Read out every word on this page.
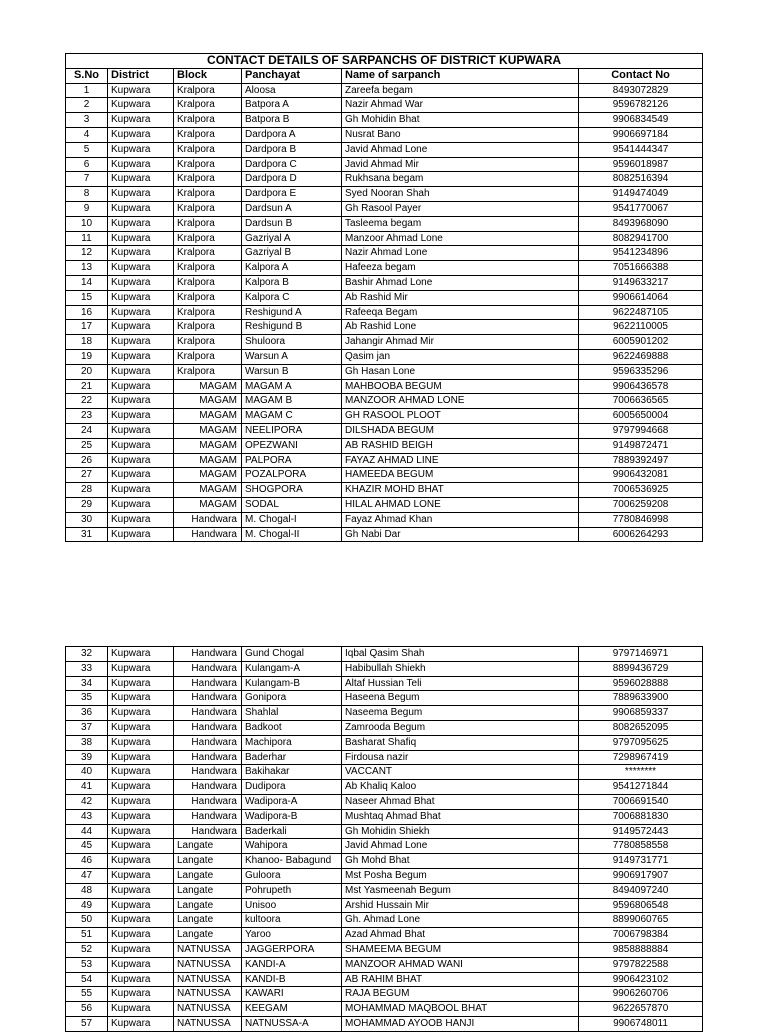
CONTACT DETAILS OF SARPANCHS OF DISTRICT KUPWARA					
S.No	District	Block	Panchayat	Name of sarpanch	Contact No
1	Kupwara	Kralpora	Aloosa	Zareefa begam	8493072829
2	Kupwara	Kralpora	Batpora A	Nazir Ahmad War	9596782126
3	Kupwara	Kralpora	Batpora B	Gh Mohidin Bhat	9906834549
4	Kupwara	Kralpora	Dardpora A	Nusrat Bano	9906697184
5	Kupwara	Kralpora	Dardpora B	Javid Ahmad Lone	9541444347
6	Kupwara	Kralpora	Dardpora C	Javid Ahmad Mir	9596018987
7	Kupwara	Kralpora	Dardpora D	Rukhsana begam	8082516394
8	Kupwara	Kralpora	Dardpora E	Syed Nooran Shah	9149474049
9	Kupwara	Kralpora	Dardsun A	Gh Rasool Payer	9541770067
10	Kupwara	Kralpora	Dardsun B	Tasleema begam	8493968090
11	Kupwara	Kralpora	Gazriyal A	Manzoor Ahmad Lone	8082941700
12	Kupwara	Kralpora	Gazriyal B	Nazir Ahmad Lone	9541234896
13	Kupwara	Kralpora	Kalpora A	Hafeeza begam	7051666388
14	Kupwara	Kralpora	Kalpora B	Bashir Ahmad Lone	9149633217
15	Kupwara	Kralpora	Kalpora C	Ab Rashid Mir	9906614064
16	Kupwara	Kralpora	Reshigund A	Rafeeqa Begam	9622487105
17	Kupwara	Kralpora	Reshigund B	Ab Rashid Lone	9622110005
18	Kupwara	Kralpora	Shuloora	Jahangir Ahmad Mir	6005901202
19	Kupwara	Kralpora	Warsun A	Qasim jan	9622469888
20	Kupwara	Kralpora	Warsun B	Gh Hasan Lone	9596335296
21	Kupwara	MAGAM	MAGAM A	MAHBOOBA BEGUM	9906436578
22	Kupwara	MAGAM	MAGAM B	MANZOOR AHMAD LONE	7006636565
23	Kupwara	MAGAM	MAGAM C	GH RASOOL PLOOT	6005650004
24	Kupwara	MAGAM	NEELIPORA	DILSHADA BEGUM	9797994668
25	Kupwara	MAGAM	OPEZWANI	AB RASHID BEIGH	9149872471
26	Kupwara	MAGAM	PALPORA	FAYAZ AHMAD LINE	7889392497
27	Kupwara	MAGAM	POZALPORA	HAMEEDA BEGUM	9906432081
28	Kupwara	MAGAM	SHOGPORA	KHAZIR MOHD BHAT	7006536925
29	Kupwara	MAGAM	SODAL	HILAL AHMAD LONE	7006259208
30	Kupwara	Handwara	M. Chogal-I	Fayaz Ahmad Khan	7780846998
31	Kupwara	Handwara	M. Chogal-II	Gh Nabi Dar	6006264293
32	Kupwara	Handwara	Gund Chogal	Iqbal Qasim Shah	9797146971
33	Kupwara	Handwara	Kulangam-A	Habibullah Shiekh	8899436729
34	Kupwara	Handwara	Kulangam-B	Altaf Hussian Teli	9596028888
35	Kupwara	Handwara	Gonipora	Haseena Begum	7889633900
36	Kupwara	Handwara	Shahlal	Naseema Begum	9906859337
37	Kupwara	Handwara	Badkoot	Zamrooda Begum	8082652095
38	Kupwara	Handwara	Machipora	Basharat Shafiq	9797095625
39	Kupwara	Handwara	Baderhar	Firdousa nazir	7298967419
40	Kupwara	Handwara	Bakihakar	VACCANT	********
41	Kupwara	Handwara	Dudipora	Ab Khaliq Kaloo	9541271844
42	Kupwara	Handwara	Wadipora-A	Naseer Ahmad Bhat	7006691540
43	Kupwara	Handwara	Wadipora-B	Mushtaq Ahmad Bhat	7006881830
44	Kupwara	Handwara	Baderkali	Gh Mohidin Shiekh	9149572443
45	Kupwara	Langate	Wahipora	Javid Ahmad Lone	7780858558
46	Kupwara	Langate	Khanoo- Babagund	Gh Mohd Bhat	9149731771
47	Kupwara	Langate	Guloora	Mst Posha Begum	9906917907
48	Kupwara	Langate	Pohrupeth	Mst Yasmeenah Begum	8494097240
49	Kupwara	Langate	Unisoo	Arshid Hussain Mir	9596806548
50	Kupwara	Langate	kultoora	Gh. Ahmad Lone	8899060765
51	Kupwara	Langate	Yaroo	Azad Ahmad Bhat	7006798384
52	Kupwara	NATNUSSA	JAGGERPORA	SHAMEEMA BEGUM	9858888884
53	Kupwara	NATNUSSA	KANDI-A	MANZOOR AHMAD WANI	9797822588
54	Kupwara	NATNUSSA	KANDI-B	AB RAHIM BHAT	9906423102
55	Kupwara	NATNUSSA	KAWARI	RAJA BEGUM	9906260706
56	Kupwara	NATNUSSA	KEEGAM	MOHAMMAD MAQBOOL BHAT	9622657870
57	Kupwara	NATNUSSA	NATNUSSA-A	MOHAMMAD AYOOB HANJI	9906748011
